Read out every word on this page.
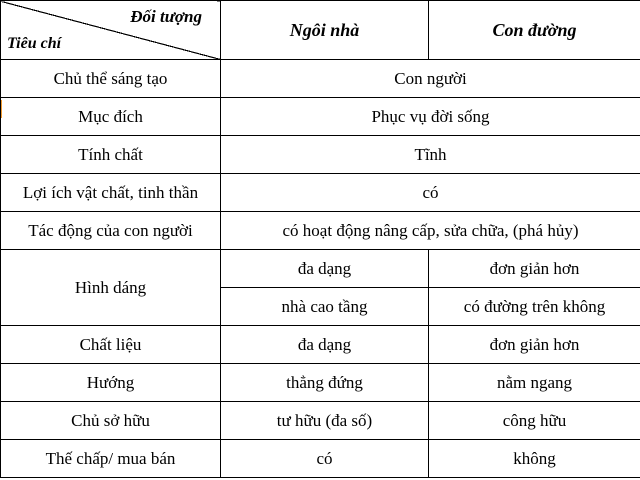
Đối tượng
Tiêu chí	Ngôi nhà	Con đường
Chủ thể sáng tạo	Con người	
Mục đích	Phục vụ đời sống	
Tính chất	Tĩnh	
Lợi ích vật chất, tinh thần	có	
Tác động của con người	có hoạt động nâng cấp, sửa chữa, (phá hủy)	
Hình dáng	đa dạng	đơn giản hơn
	nhà cao tầng	có đường trên không
Chất liệu	đa dạng	đơn giản hơn
Hướng	thẳng đứng	nằm ngang
Chủ sở hữu	tư hữu (đa số)	công hữu
Thế chấp/ mua bán	có	không
